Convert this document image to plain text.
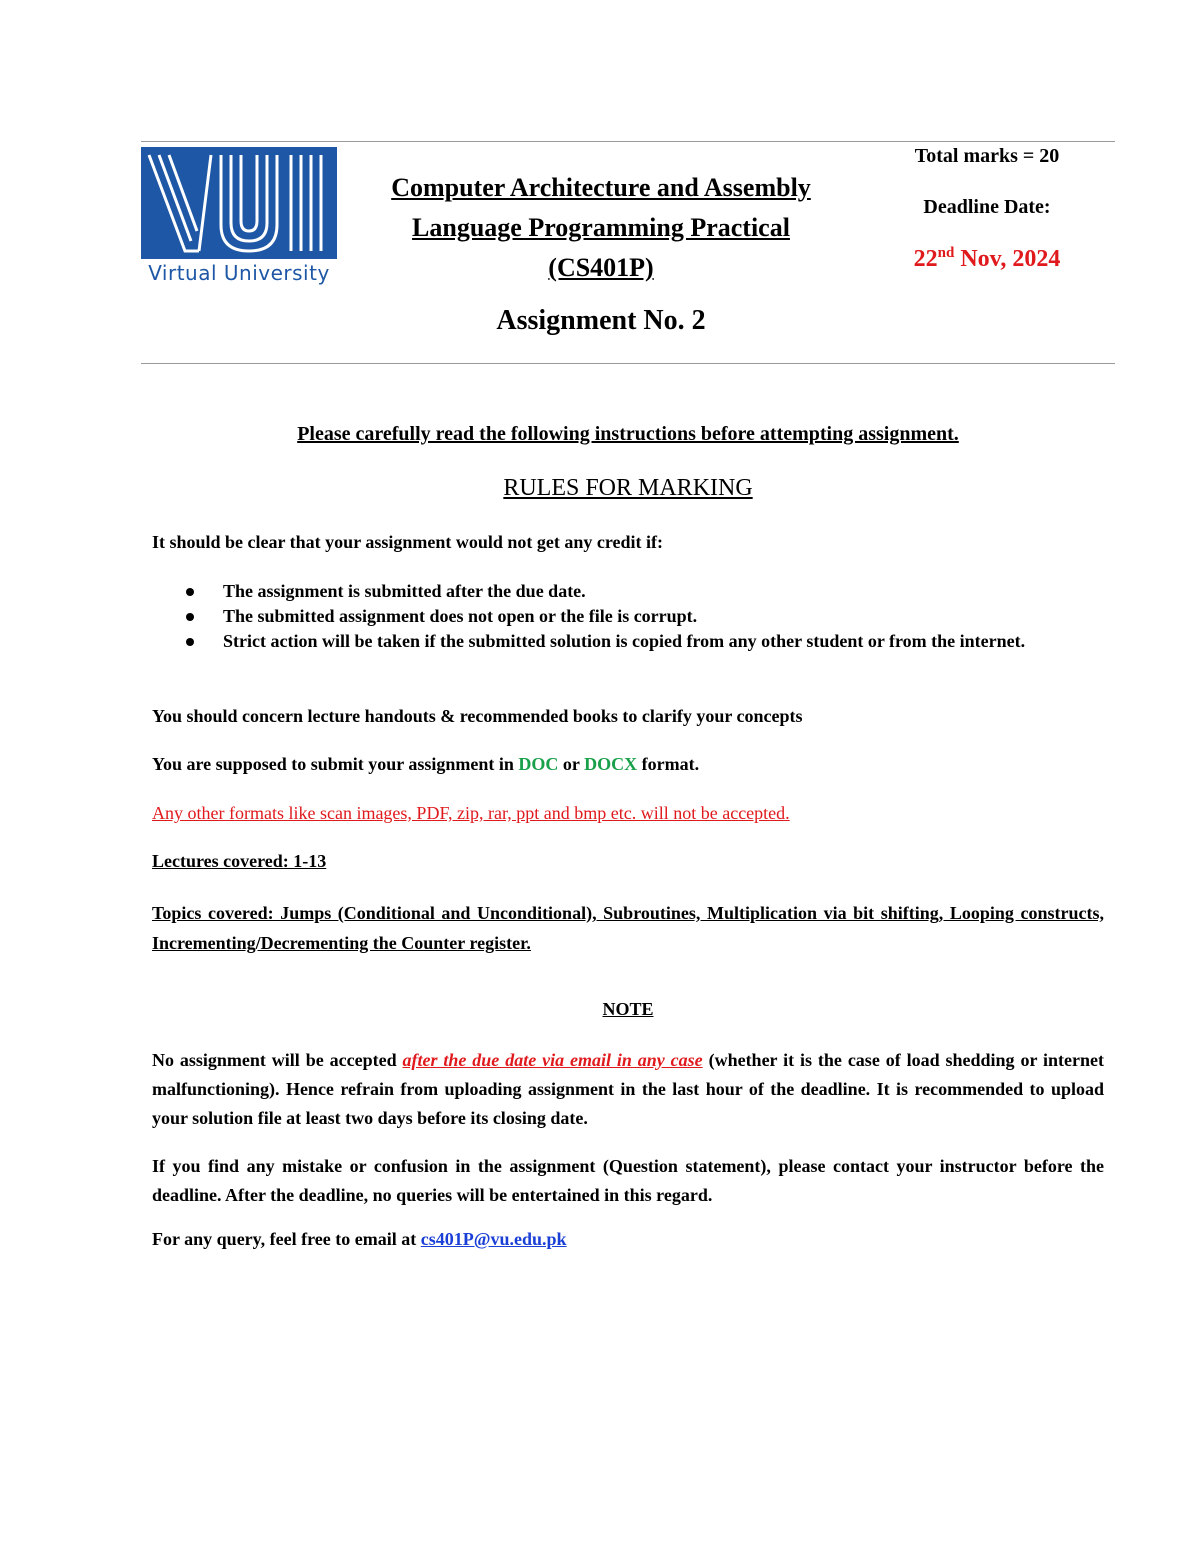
Virtual University
Computer Architecture and Assembly
Language Programming Practical
(CS401P)
Assignment No. 2
Total marks = 20
Deadline Date:
22nd Nov, 2024
Please carefully read the following instructions before attempting assignment.
RULES FOR MARKING
It should be clear that your assignment would not get any credit if:
The assignment is submitted after the due date.
The submitted assignment does not open or the file is corrupt.
Strict action will be taken if the submitted solution is copied from any other student or from the internet.
You should concern lecture handouts & recommended books to clarify your concepts
You are supposed to submit your assignment in DOC or DOCX format.
Any other formats like scan images, PDF, zip, rar, ppt and bmp etc. will not be accepted.
Lectures covered: 1-13
Topics covered: Jumps (Conditional and Unconditional), Subroutines, Multiplication via bit shifting, Looping constructs, Incrementing/Decrementing the Counter register.
NOTE
No assignment will be accepted after the due date via email in any case (whether it is the case of load shedding or internet malfunctioning). Hence refrain from uploading assignment in the last hour of the deadline. It is recommended to upload your solution file at least two days before its closing date.
If you find any mistake or confusion in the assignment (Question statement), please contact your instructor before the deadline. After the deadline, no queries will be entertained in this regard.
For any query, feel free to email at cs401P@vu.edu.pk
